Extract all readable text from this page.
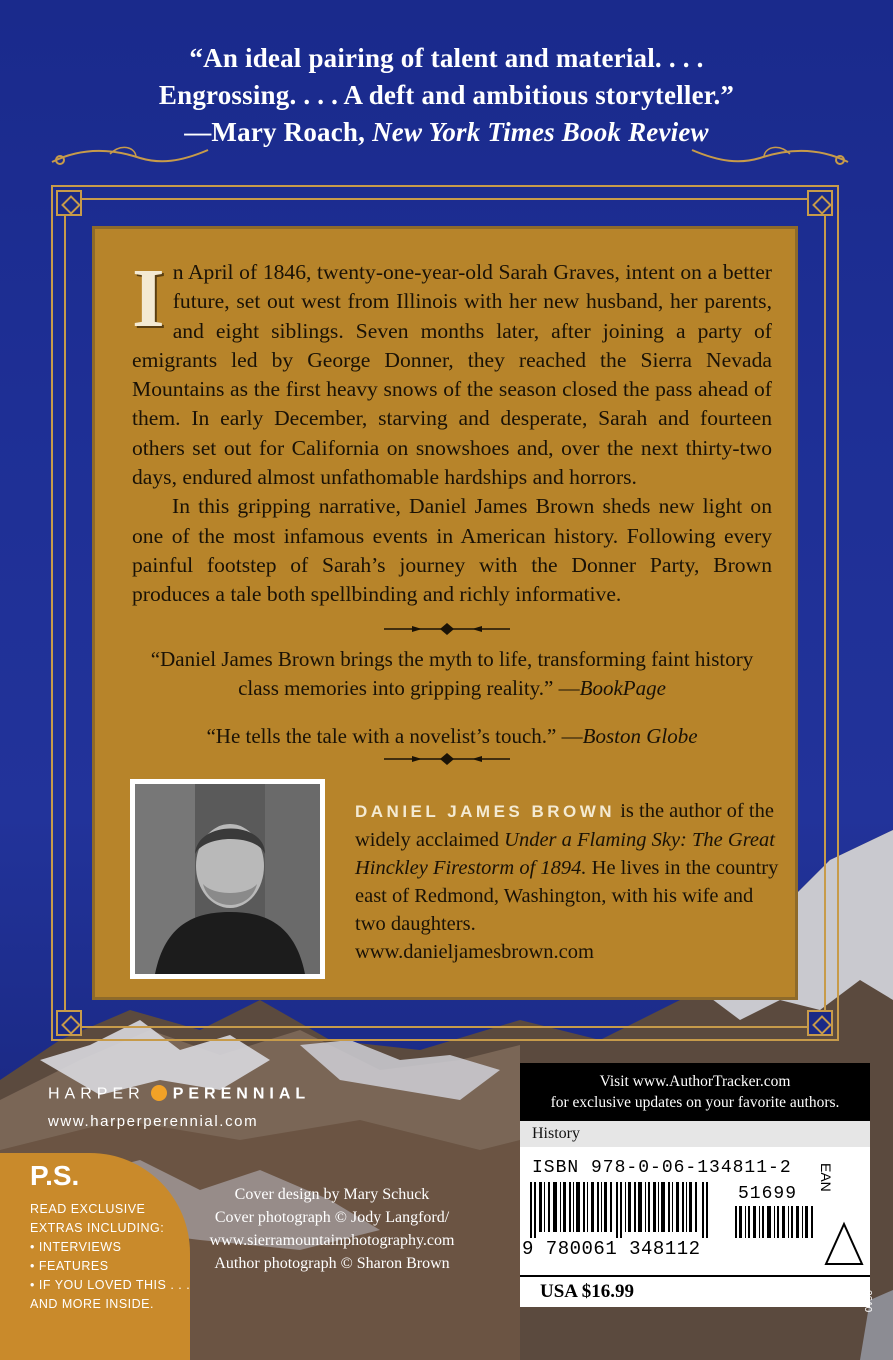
“An ideal pairing of talent and material. . . .
Engrossing. . . . A deft and ambitious storyteller.”
—Mary Roach, New York Times Book Review

In April of 1846, twenty-one-year-old Sarah Graves, intent on a better future, set out west from Illinois with her new husband, her parents, and eight siblings. Seven months later, after joining a party of emigrants led by George Donner, they reached the Sierra Nevada Mountains as the first heavy snows of the season closed the pass ahead of them. In early December, starving and desperate, Sarah and fourteen others set out for California on snowshoes and, over the next thirty-two days, endured almost unfathomable hardships and horrors.

In this gripping narrative, Daniel James Brown sheds new light on one of the most infamous events in American history. Following every painful footstep of Sarah’s journey with the Donner Party, Brown produces a tale both spellbinding and richly informative.

“Daniel James Brown brings the myth to life, transforming faint history class memories into gripping reality.” —BookPage
“He tells the tale with a novelist’s touch.” —Boston Globe
DANIEL JAMES BROWN is the author of the widely acclaimed Under a Flaming Sky: The Great Hinckley Firestorm of 1894. He lives in the country east of Redmond, Washington, with his wife and two daughters.
www.danieljamesbrown.com
HARPER PERENNIAL
www.harperperennial.com
P.S.
READ EXCLUSIVE
EXTRAS INCLUDING:
• INTERVIEWS
• FEATURES
• IF YOU LOVED THIS . . .
AND MORE INSIDE.
Cover design by Mary Schuck
Cover photograph © Jody Langford/
www.sierramountainphotography.com
Author photograph © Sharon Brown
Visit www.AuthorTracker.com
for exclusive updates on your favorite authors.
History
ISBN 978-0-06-134811-2
51699
EAN
9 780061 348112
USA $16.99	0610
